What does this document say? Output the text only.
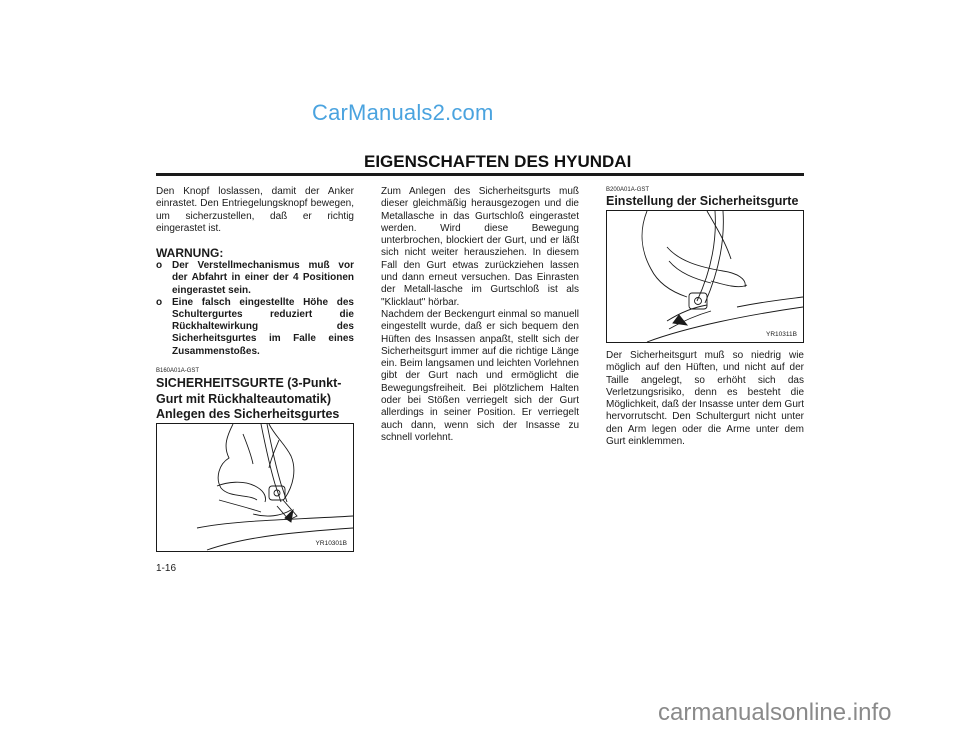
CarManuals2.com
EIGENSCHAFTEN DES HYUNDAI

Den Knopf loslassen, damit der Anker einrastet. Den Entriegelungsknopf bewegen, um sicherzustellen, daß er richtig eingerastet ist.

WARNUNG:
o Der Verstellmechanismus muß vor der Abfahrt in einer der 4 Positionen eingerastet sein.
o Eine falsch eingestellte Höhe des Schultergurtes reduziert die Rückhaltewirkung des Sicherheitsgurtes im Falle eines Zusammenstoßes.
B160A01A-GST
SICHERHEITSGURTE (3-Punkt-Gurt mit Rückhalteautomatik)
Anlegen des Sicherheitsgurtes
YR10301B

Zum Anlegen des Sicherheitsgurts muß dieser gleichmäßig herausgezogen und die Metallasche in das Gurtschloß eingerastet werden. Wird diese Bewegung unterbrochen, blockiert der Gurt, und er läßt sich nicht weiter herausziehen. In diesem Fall den Gurt etwas zurückziehen lassen und dann erneut versuchen. Das Einrasten der Metall-lasche im Gurtschloß ist als "Klicklaut" hörbar.

Nachdem der Beckengurt einmal so manuell eingestellt wurde, daß er sich bequem den Hüften des Insassen anpaßt, stellt sich der Sicherheitsgurt immer auf die richtige Länge ein. Beim langsamen und leichten Vorlehnen gibt der Gurt nach und ermöglicht die Bewegungsfreiheit. Bei plötzlichem Halten oder bei Stößen verriegelt sich der Gurt allerdings in seiner Position. Er verriegelt auch dann, wenn sich der Insasse zu schnell vorlehnt.

B200A01A-GST
Einstellung der Sicherheitsgurte
YR10311B

Der Sicherheitsgurt muß so niedrig wie möglich auf den Hüften, und nicht auf der Taille angelegt, so erhöht sich das Verletzungsrisiko, denn es besteht die Möglichkeit, daß der Insasse unter dem Gurt hervorrutscht. Den Schultergurt nicht unter den Arm legen oder die Arme unter dem Gurt einklemmen.

1-16
carmanualsonline.info
